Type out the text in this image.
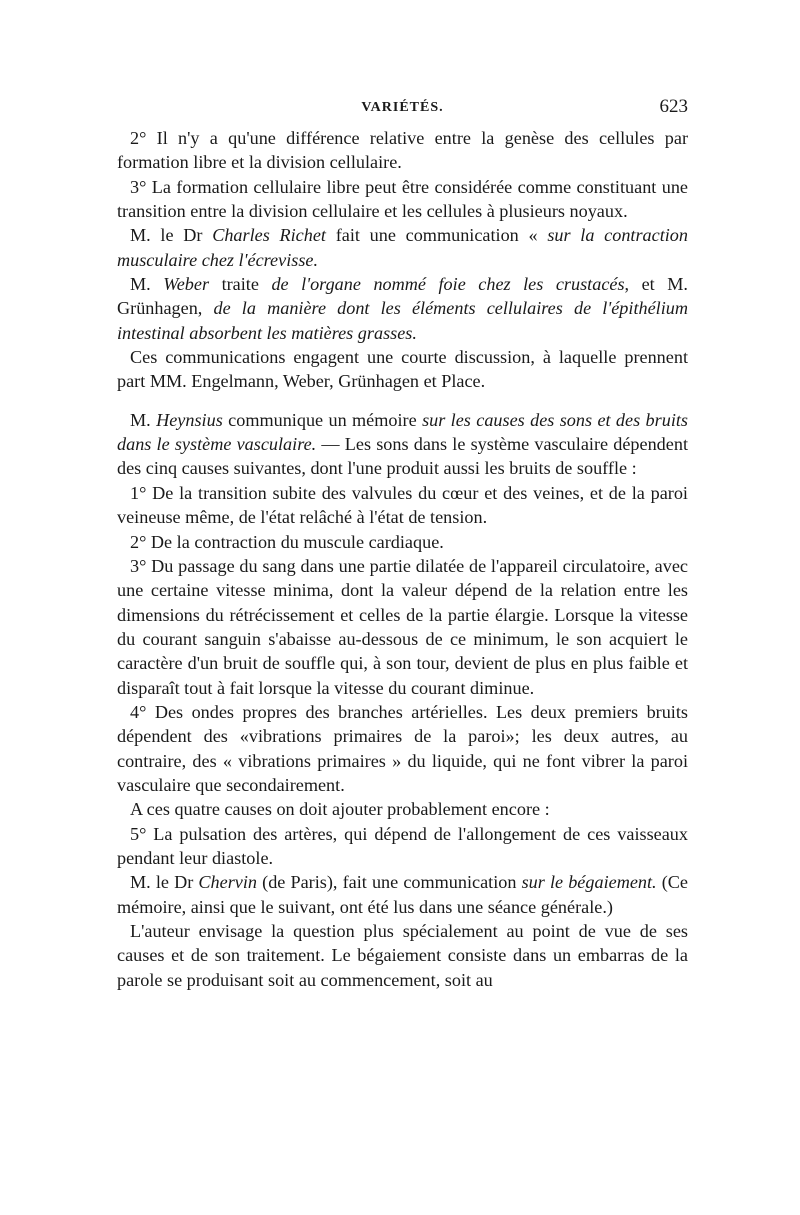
VARIÉTÉS.	623

2° Il n'y a qu'une différence relative entre la genèse des cellules par formation libre et la division cellulaire.

3° La formation cellulaire libre peut être considérée comme constituant une transition entre la division cellulaire et les cellules à plusieurs noyaux.

M. le Dr Charles Richet fait une communication « sur la contraction musculaire chez l'écrevisse.

M. Weber traite de l'organe nommé foie chez les crustacés, et M. Grünhagen, de la manière dont les éléments cellulaires de l'épithélium intestinal absorbent les matières grasses.

Ces communications engagent une courte discussion, à laquelle prennent part MM. Engelmann, Weber, Grünhagen et Place.

M. Heynsius communique un mémoire sur les causes des sons et des bruits dans le système vasculaire. — Les sons dans le système vasculaire dépendent des cinq causes suivantes, dont l'une produit aussi les bruits de souffle :

1° De la transition subite des valvules du cœur et des veines, et de la paroi veineuse même, de l'état relâché à l'état de tension.

2° De la contraction du muscule cardiaque.

3° Du passage du sang dans une partie dilatée de l'appareil circulatoire, avec une certaine vitesse minima, dont la valeur dépend de la relation entre les dimensions du rétrécissement et celles de la partie élargie. Lorsque la vitesse du courant sanguin s'abaisse au-dessous de ce minimum, le son acquiert le caractère d'un bruit de souffle qui, à son tour, devient de plus en plus faible et disparaît tout à fait lorsque la vitesse du courant diminue.

4° Des ondes propres des branches artérielles. Les deux premiers bruits dépendent des «vibrations primaires de la paroi»; les deux autres, au contraire, des « vibrations primaires » du liquide, qui ne font vibrer la paroi vasculaire que secondairement.

A ces quatre causes on doit ajouter probablement encore :

5° La pulsation des artères, qui dépend de l'allongement de ces vaisseaux pendant leur diastole.

M. le Dr Chervin (de Paris), fait une communication sur le bégaiement. (Ce mémoire, ainsi que le suivant, ont été lus dans une séance générale.)

L'auteur envisage la question plus spécialement au point de vue de ses causes et de son traitement. Le bégaiement consiste dans un embarras de la parole se produisant soit au commencement, soit au
